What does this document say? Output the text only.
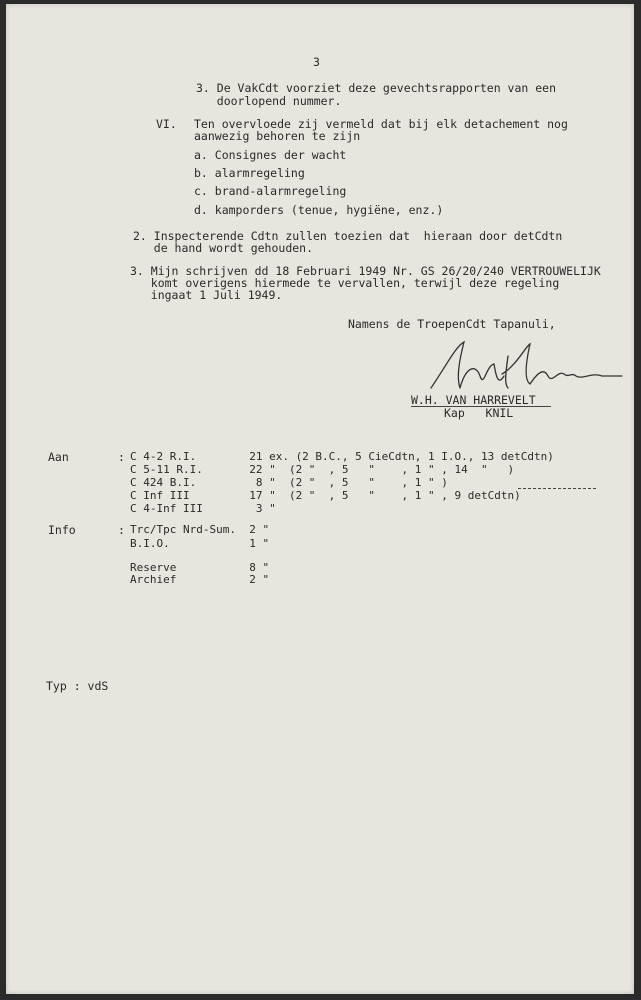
3
3. De VakCdt voorziet deze gevechtsrapporten van een
doorlopend nummer.
VI. Ten overvloede zij vermeld dat bij elk detachement nog
aanwezig behoren te zijn
a. Consignes der wacht
b. alarmregeling
c. brand-alarmregeling
d. kamporders (tenue, hygiëne, enz.)
2. Inspecterende Cdtn zullen toezien dat  hieraan door detCdtn
de hand wordt gehouden.
3. Mijn schrijven dd 18 Februari 1949 Nr. GS 26/20/240 VERTROUWELIJK
komt overigens hiermede te vervallen, terwijl deze regeling
ingaat 1 Juli 1949.
Namens de TroepenCdt Tapanuli,
W.H. VAN HARREVELT
Kap   KNIL
Aan	: C 4-2 R.I.        21 ex. (2 B.C., 5 CieCdtn, 1 I.O., 13 detCdtn)
C 5-11 R.I.       22 "  (2 "  , 5   "    , 1 " , 14  "   )
C 424 B.I.         8 "  (2 "  , 5   "    , 1 " )
C Inf III         17 "  (2 "  , 5   "    , 1 " , 9 detCdtn)
C 4-Inf III        3 "
Info	: Trc/Tpc Nrd-Sum.  2 "
B.I.O.            1 "
Reserve           8 "
Archief           2 "
Typ : vdS
